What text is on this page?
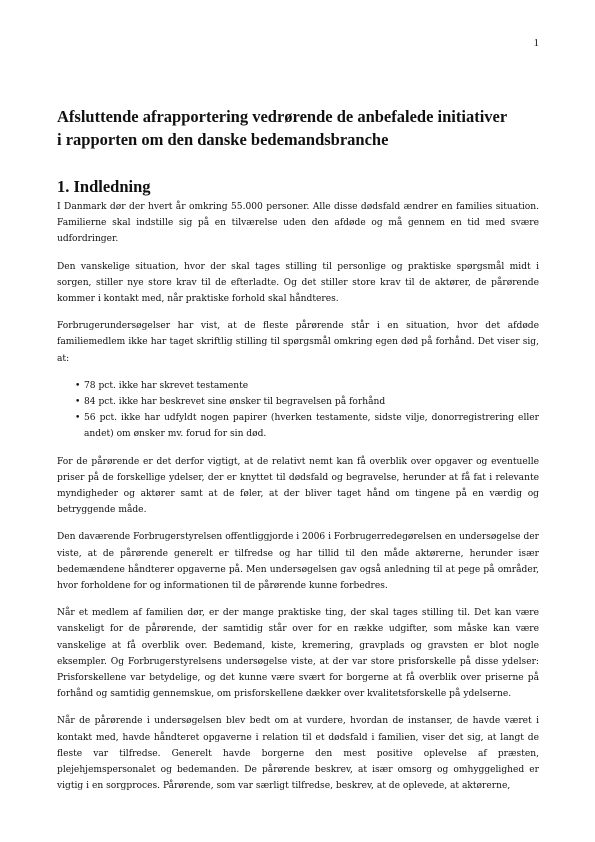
1
Afsluttende afrapportering vedrørende de anbefalede initiativer
i rapporten om den danske bedemandsbranche
1. Indledning

I Danmark dør der hvert år omkring 55.000 personer. Alle disse dødsfald ændrer en families situation. Familierne skal indstille sig på en tilværelse uden den afdøde og må gennem en tid med svære udfordringer.

Den vanskelige situation, hvor der skal tages stilling til personlige og praktiske spørgsmål midt i sorgen, stiller nye store krav til de efterladte. Og det stiller store krav til de aktører, de pårørende kommer i kontakt med, når praktiske forhold skal håndteres.

Forbrugerundersøgelser har vist, at de fleste pårørende står i en situation, hvor det afdøde familiemedlem ikke har taget skriftlig stilling til spørgsmål omkring egen død på forhånd. Det viser sig, at:

• 78 pct. ikke har skrevet testamente
• 84 pct. ikke har beskrevet sine ønsker til begravelsen på forhånd
• 56 pct. ikke har udfyldt nogen papirer (hverken testamente, sidste vilje, donorregistrering eller andet) om ønsker mv. forud for sin død.

For de pårørende er det derfor vigtigt, at de relativt nemt kan få overblik over opgaver og eventuelle priser på de forskellige ydelser, der er knyttet til dødsfald og begravelse, herunder at få fat i relevante myndigheder og aktører samt at de føler, at der bliver taget hånd om tingene på en værdig og betryggende måde.

Den daværende Forbrugerstyrelsen offentliggjorde i 2006 i Forbrugerredegørelsen en undersøgelse der viste, at de pårørende generelt er tilfredse og har tillid til den måde aktørerne, herunder især bedemændene håndterer opgaverne på. Men undersøgelsen gav også anledning til at pege på områder, hvor forholdene for og informationen til de pårørende kunne forbedres.

Når et medlem af familien dør, er der mange praktiske ting, der skal tages stilling til. Det kan være vanskeligt for de pårørende, der samtidig står over for en række udgifter, som måske kan være vanskelige at få overblik over. Bedemand, kiste, kremering, gravplads og gravsten er blot nogle eksempler. Og Forbrugerstyrelsens undersøgelse viste, at der var store prisforskelle på disse ydelser: Prisforskellene var betydelige, og det kunne være svært for borgerne at få overblik over priserne på forhånd og samtidig gennemskue, om prisforskellene dækker over kvalitetsforskelle på ydelserne.

Når de pårørende i undersøgelsen blev bedt om at vurdere, hvordan de instanser, de havde været i kontakt med, havde håndteret opgaverne i relation til et dødsfald i familien, viser det sig, at langt de fleste var tilfredse. Generelt havde borgerne den mest positive oplevelse af præsten, plejehjemspersonalet og bedemanden. De pårørende beskrev, at især omsorg og omhyggelighed er vigtig i en sorgproces. Pårørende, som var særligt tilfredse, beskrev, at de oplevede, at aktørerne,
